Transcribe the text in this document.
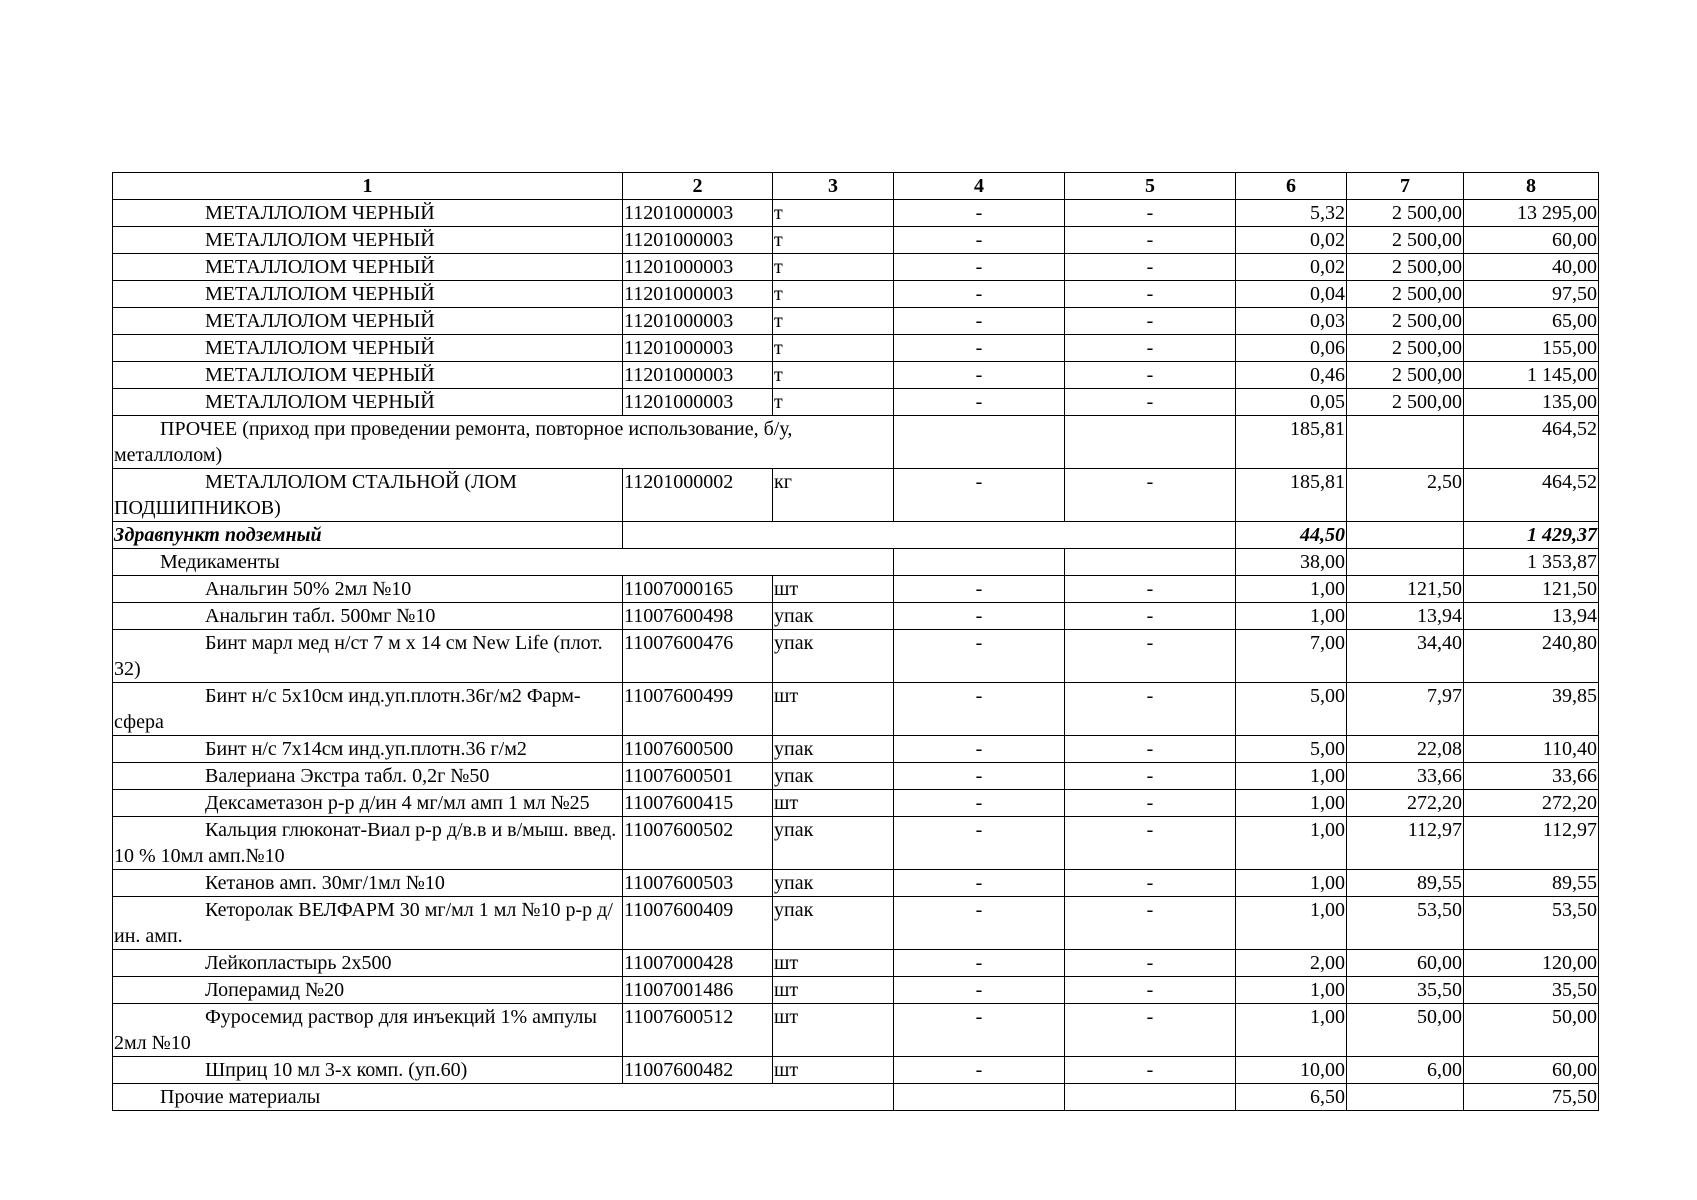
1	2	3	4	5	6	7	8
МЕТАЛЛОЛОМ ЧЕРНЫЙ	11201000003	т	-	-	5,32	2 500,00	13 295,00
МЕТАЛЛОЛОМ ЧЕРНЫЙ	11201000003	т	-	-	0,02	2 500,00	60,00
МЕТАЛЛОЛОМ ЧЕРНЫЙ	11201000003	т	-	-	0,02	2 500,00	40,00
МЕТАЛЛОЛОМ ЧЕРНЫЙ	11201000003	т	-	-	0,04	2 500,00	97,50
МЕТАЛЛОЛОМ ЧЕРНЫЙ	11201000003	т	-	-	0,03	2 500,00	65,00
МЕТАЛЛОЛОМ ЧЕРНЫЙ	11201000003	т	-	-	0,06	2 500,00	155,00
МЕТАЛЛОЛОМ ЧЕРНЫЙ	11201000003	т	-	-	0,46	2 500,00	1 145,00
МЕТАЛЛОЛОМ ЧЕРНЫЙ	11201000003	т	-	-	0,05	2 500,00	135,00
ПРОЧЕЕ (приход при проведении ремонта, повторное использование, б/у, металлолом)					185,81		464,52
МЕТАЛЛОЛОМ СТАЛЬНОЙ (ЛОМ ПОДШИПНИКОВ)	11201000002	кг	-	-	185,81	2,50	464,52
Здравпункт подземный					44,50		1 429,37
Медикаменты					38,00		1 353,87
Анальгин 50% 2мл №10	11007000165	шт	-	-	1,00	121,50	121,50
Анальгин табл. 500мг №10	11007600498	упак	-	-	1,00	13,94	13,94
Бинт марл мед н/ст 7 м х 14 см New Life (плот. 32)	11007600476	упак	-	-	7,00	34,40	240,80
Бинт н/с 5х10см инд.уп.плотн.36г/м2 Фарм-сфера	11007600499	шт	-	-	5,00	7,97	39,85
Бинт н/с 7х14см инд.уп.плотн.36 г/м2	11007600500	упак	-	-	5,00	22,08	110,40
Валериана Экстра табл. 0,2г №50	11007600501	упак	-	-	1,00	33,66	33,66
Дексаметазон р-р д/ин 4 мг/мл амп 1 мл №25	11007600415	шт	-	-	1,00	272,20	272,20
Кальция глюконат-Виал р-р д/в.в и в/мыш. введ. 10 % 10мл амп.№10	11007600502	упак	-	-	1,00	112,97	112,97
Кетанов амп. 30мг/1мл №10	11007600503	упак	-	-	1,00	89,55	89,55
Кеторолак ВЕЛФАРМ 30 мг/мл 1 мл №10 р-р д/ин. амп.	11007600409	упак	-	-	1,00	53,50	53,50
Лейкопластырь 2х500	11007000428	шт	-	-	2,00	60,00	120,00
Лоперамид №20	11007001486	шт	-	-	1,00	35,50	35,50
Фуросемид раствор для инъекций 1% ампулы 2мл №10	11007600512	шт	-	-	1,00	50,00	50,00
Шприц 10 мл 3-х комп. (уп.60)	11007600482	шт	-	-	10,00	6,00	60,00
Прочие материалы					6,50		75,50
